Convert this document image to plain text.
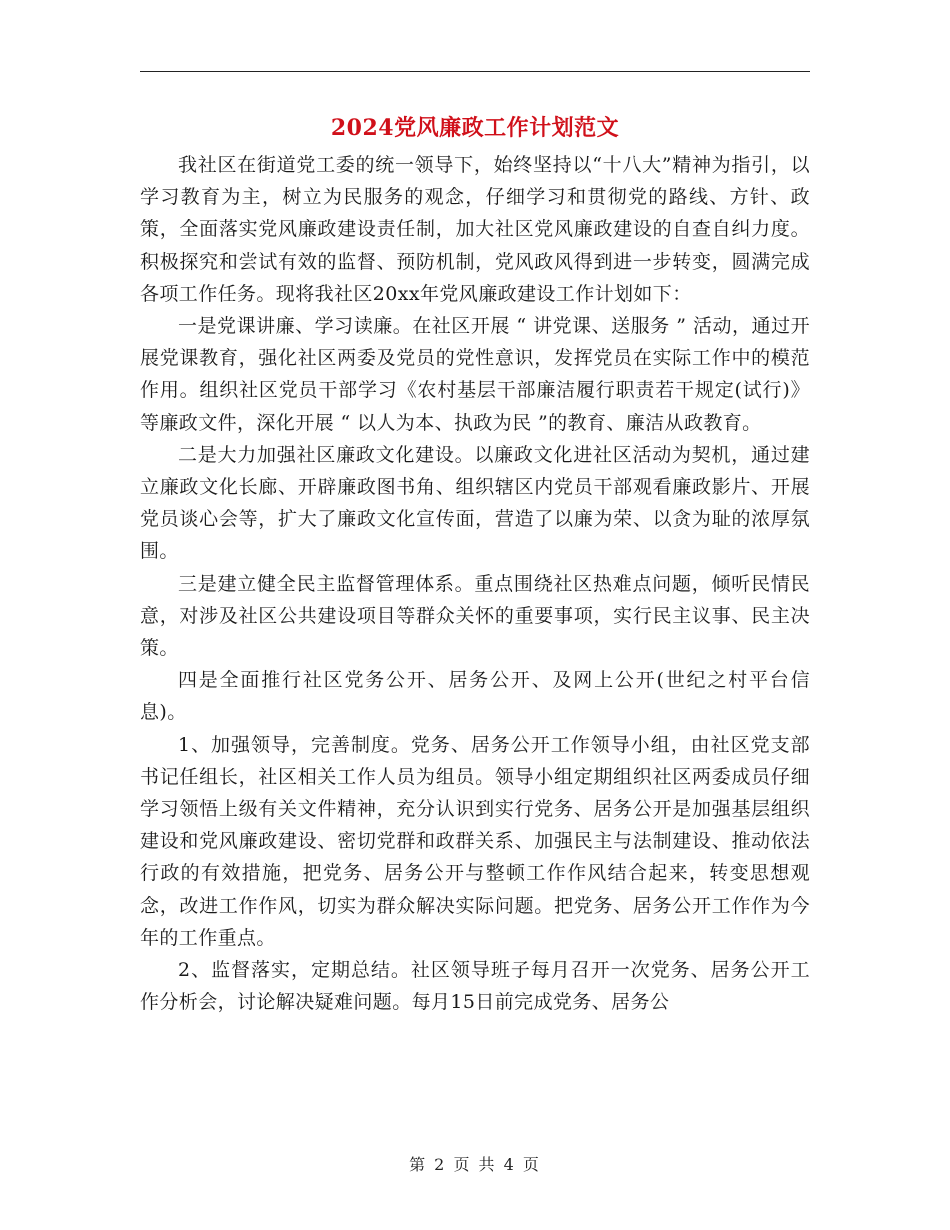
2024党风廉政工作计划范文

我社区在街道党工委的统一领导下，始终坚持以“十八大”精神为指引，以学习教育为主，树立为民服务的观念，仔细学习和贯彻党的路线、方针、政策，全面落实党风廉政建设责任制，加大社区党风廉政建设的自查自纠力度。积极探究和尝试有效的监督、预防机制，党风政风得到进一步转变，圆满完成各项工作任务。现将我社区20xx年党风廉政建设工作计划如下：

一是党课讲廉、学习读廉。在社区开展 “ 讲党课、送服务 ” 活动，通过开展党课教育，强化社区两委及党员的党性意识，发挥党员在实际工作中的模范作用。组织社区党员干部学习《农村基层干部廉洁履行职责若干规定(试行)》等廉政文件，深化开展 “ 以人为本、执政为民 ”的教育、廉洁从政教育。

二是大力加强社区廉政文化建设。以廉政文化进社区活动为契机，通过建立廉政文化长廊、开辟廉政图书角、组织辖区内党员干部观看廉政影片、开展党员谈心会等，扩大了廉政文化宣传面，营造了以廉为荣、以贪为耻的浓厚氛围。

三是建立健全民主监督管理体系。重点围绕社区热难点问题，倾听民情民意，对涉及社区公共建设项目等群众关怀的重要事项，实行民主议事、民主决策。

四是全面推行社区党务公开、居务公开、及网上公开(世纪之村平台信息)。

1、加强领导，完善制度。党务、居务公开工作领导小组，由社区党支部书记任组长，社区相关工作人员为组员。领导小组定期组织社区两委成员仔细学习领悟上级有关文件精神，充分认识到实行党务、居务公开是加强基层组织建设和党风廉政建设、密切党群和政群关系、加强民主与法制建设、推动依法行政的有效措施，把党务、居务公开与整顿工作作风结合起来，转变思想观念，改进工作作风，切实为群众解决实际问题。把党务、居务公开工作作为今年的工作重点。

2、监督落实，定期总结。社区领导班子每月召开一次党务、居务公开工作分析会，讨论解决疑难问题。每月15日前完成党务、居务公

第 2 页 共 4 页
